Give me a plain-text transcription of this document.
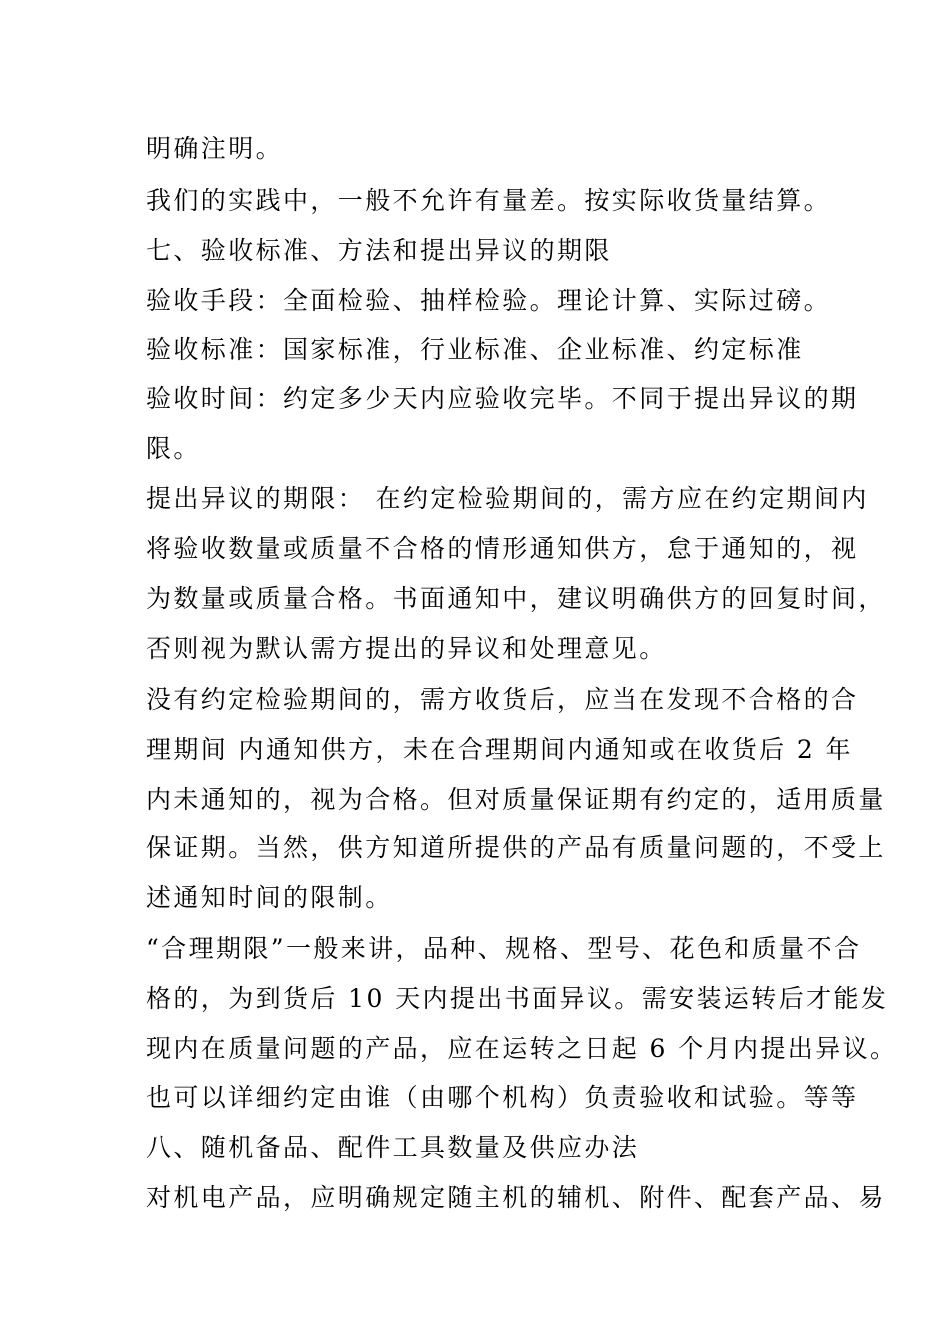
明确注明。
我们的实践中，一般不允许有量差。按实际收货量结算。
七、验收标准、方法和提出异议的期限
验收手段：全面检验、抽样检验。理论计算、实际过磅。
验收标准：国家标准，行业标准、企业标准、约定标准
验收时间：约定多少天内应验收完毕。不同于提出异议的期
限。
提出异议的期限： 在约定检验期间的，需方应在约定期间内
将验收数量或质量不合格的情形通知供方，怠于通知的，视
为数量或质量合格。书面通知中，建议明确供方的回复时间，
否则视为默认需方提出的异议和处理意见。
没有约定检验期间的，需方收货后，应当在发现不合格的合
理期间 内通知供方，未在合理期间内通知或在收货后 2 年
内未通知的，视为合格。但对质量保证期有约定的，适用质量
保证期。当然，供方知道所提供的产品有质量问题的，不受上
述通知时间的限制。
“合理期限”一般来讲，品种、规格、型号、花色和质量不合
格的，为到货后 10 天内提出书面异议。需安装运转后才能发
现内在质量问题的产品，应在运转之日起 6 个月内提出异议。
也可以详细约定由谁（由哪个机构）负责验收和试验。等等
八、随机备品、配件工具数量及供应办法
对机电产品，应明确规定随主机的辅机、附件、配套产品、易
